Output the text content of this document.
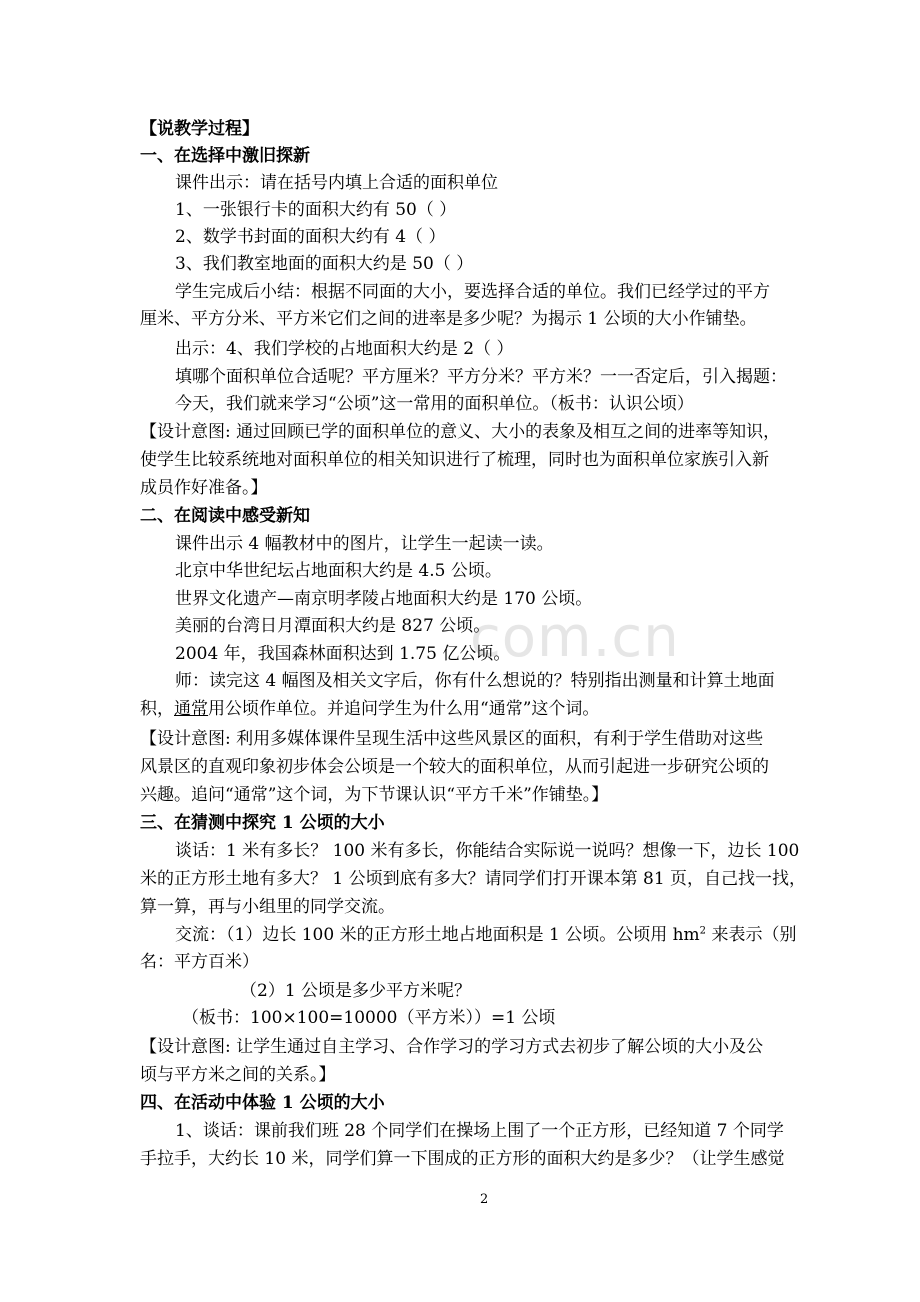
com.cn
【说教学过程】
一、在选择中激旧探新
课件出示：请在括号内填上合适的面积单位
1、一张银行卡的面积大约有 50（ ）
2、数学书封面的面积大约有 4（ ）
3、我们教室地面的面积大约是 50（ ）
学生完成后小结：根据不同面的大小，要选择合适的单位。我们已经学过的平方
厘米、平方分米、平方米它们之间的进率是多少呢？为揭示 1 公顷的大小作铺垫。
出示：4、我们学校的占地面积大约是 2（ ）
填哪个面积单位合适呢？平方厘米？平方分米？平方米？一一否定后，引入揭题：
今天，我们就来学习“公顷”这一常用的面积单位。（板书：认识公顷）
【设计意图: 通过回顾已学的面积单位的意义、大小的表象及相互之间的进率等知识，
使学生比较系统地对面积单位的相关知识进行了梳理，同时也为面积单位家族引入新
成员作好准备。】
二、在阅读中感受新知
课件出示 4 幅教材中的图片，让学生一起读一读。
北京中华世纪坛占地面积大约是 4.5 公顷。
世界文化遗产—南京明孝陵占地面积大约是 170 公顷。
美丽的台湾日月潭面积大约是 827 公顷。
2004 年，我国森林面积达到 1.75 亿公顷。
师：读完这 4 幅图及相关文字后，你有什么想说的？特别指出测量和计算土地面
积，通常用公顷作单位。并追问学生为什么用“通常”这个词。
【设计意图: 利用多媒体课件呈现生活中这些风景区的面积，有利于学生借助对这些
风景区的直观印象初步体会公顷是一个较大的面积单位，从而引起进一步研究公顷的
兴趣。追问“通常”这个词，为下节课认识“平方千米”作铺垫。】
三、在猜测中探究 1 公顷的大小
谈话：1 米有多长？ 100 米有多长，你能结合实际说一说吗？想像一下，边长 100
米的正方形土地有多大？ 1 公顷到底有多大？请同学们打开课本第 81 页，自己找一找，
算一算，再与小组里的同学交流。
交流：（1）边长 100 米的正方形土地占地面积是 1 公顷。公顷用 $hm^2$ 来表示（别
名：平方百米）
（2）1 公顷是多少平方米呢？
（板书：100×100=10000（平方米））=1 公顷
【设计意图: 让学生通过自主学习、合作学习的学习方式去初步了解公顷的大小及公
顷与平方米之间的关系。】
四、在活动中体验 1 公顷的大小
1、谈话：课前我们班 28 个同学们在操场上围了一个正方形，已经知道 7 个同学
手拉手，大约长 10 米，同学们算一下围成的正方形的面积大约是多少？（让学生感觉
2
